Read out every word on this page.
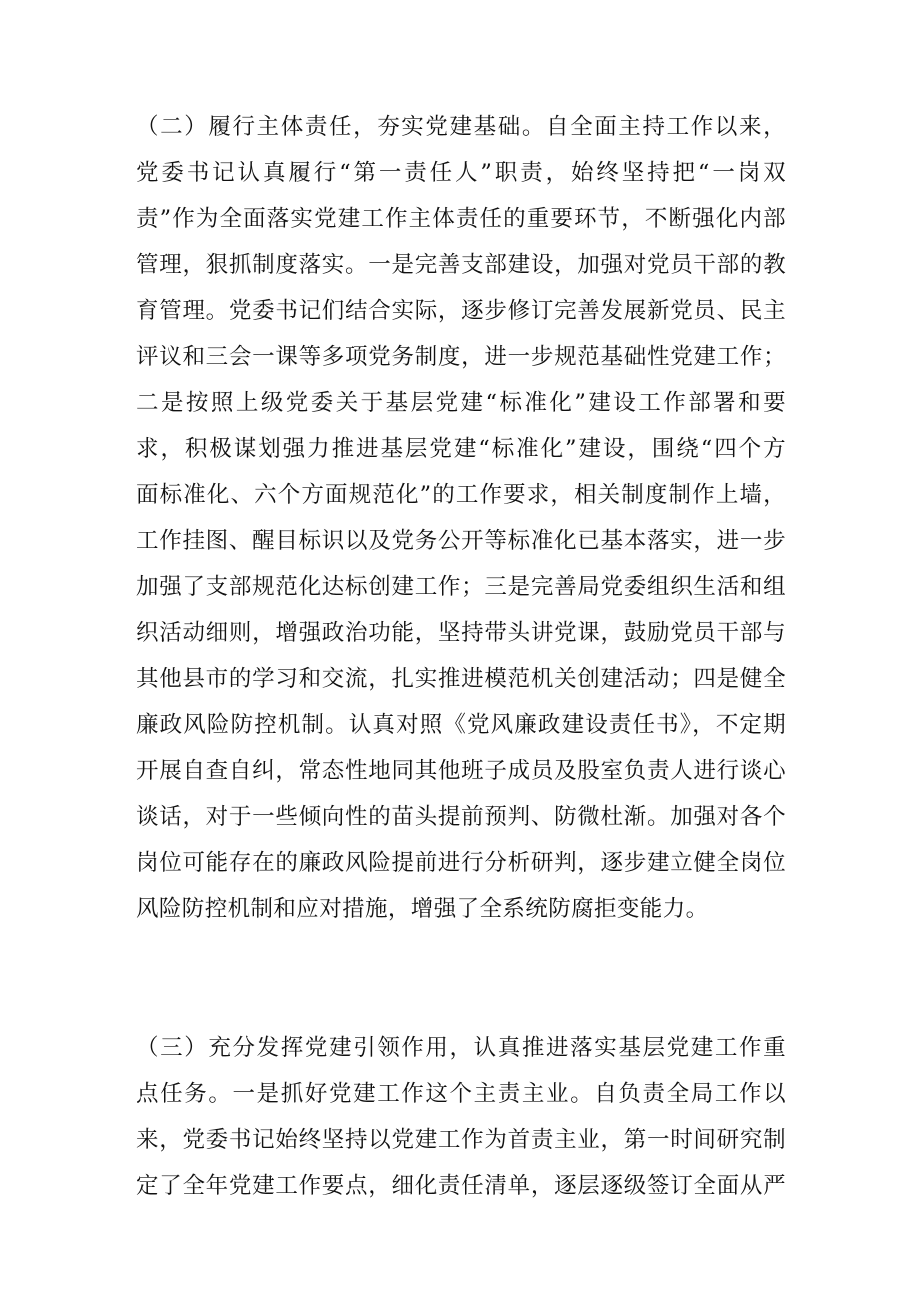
（二）履行主体责任，夯实党建基础。自全面主持工作以来，
党委书记认真履行“第一责任人”职责，始终坚持把“一岗双
责”作为全面落实党建工作主体责任的重要环节，不断强化内部
管理，狠抓制度落实。一是完善支部建设，加强对党员干部的教
育管理。党委书记们结合实际，逐步修订完善发展新党员、民主
评议和三会一课等多项党务制度，进一步规范基础性党建工作；
二是按照上级党委关于基层党建“标准化”建设工作部署和要
求，积极谋划强力推进基层党建“标准化”建设，围绕“四个方
面标准化、六个方面规范化”的工作要求，相关制度制作上墙，
工作挂图、醒目标识以及党务公开等标准化已基本落实，进一步
加强了支部规范化达标创建工作；三是完善局党委组织生活和组
织活动细则，增强政治功能，坚持带头讲党课，鼓励党员干部与
其他县市的学习和交流，扎实推进模范机关创建活动；四是健全
廉政风险防控机制。认真对照《党风廉政建设责任书》，不定期
开展自查自纠，常态性地同其他班子成员及股室负责人进行谈心
谈话，对于一些倾向性的苗头提前预判、防微杜渐。加强对各个
岗位可能存在的廉政风险提前进行分析研判，逐步建立健全岗位
风险防控机制和应对措施，增强了全系统防腐拒变能力。
（三）充分发挥党建引领作用，认真推进落实基层党建工作重
点任务。一是抓好党建工作这个主责主业。自负责全局工作以
来，党委书记始终坚持以党建工作为首责主业，第一时间研究制
定了全年党建工作要点，细化责任清单，逐层逐级签订全面从严
